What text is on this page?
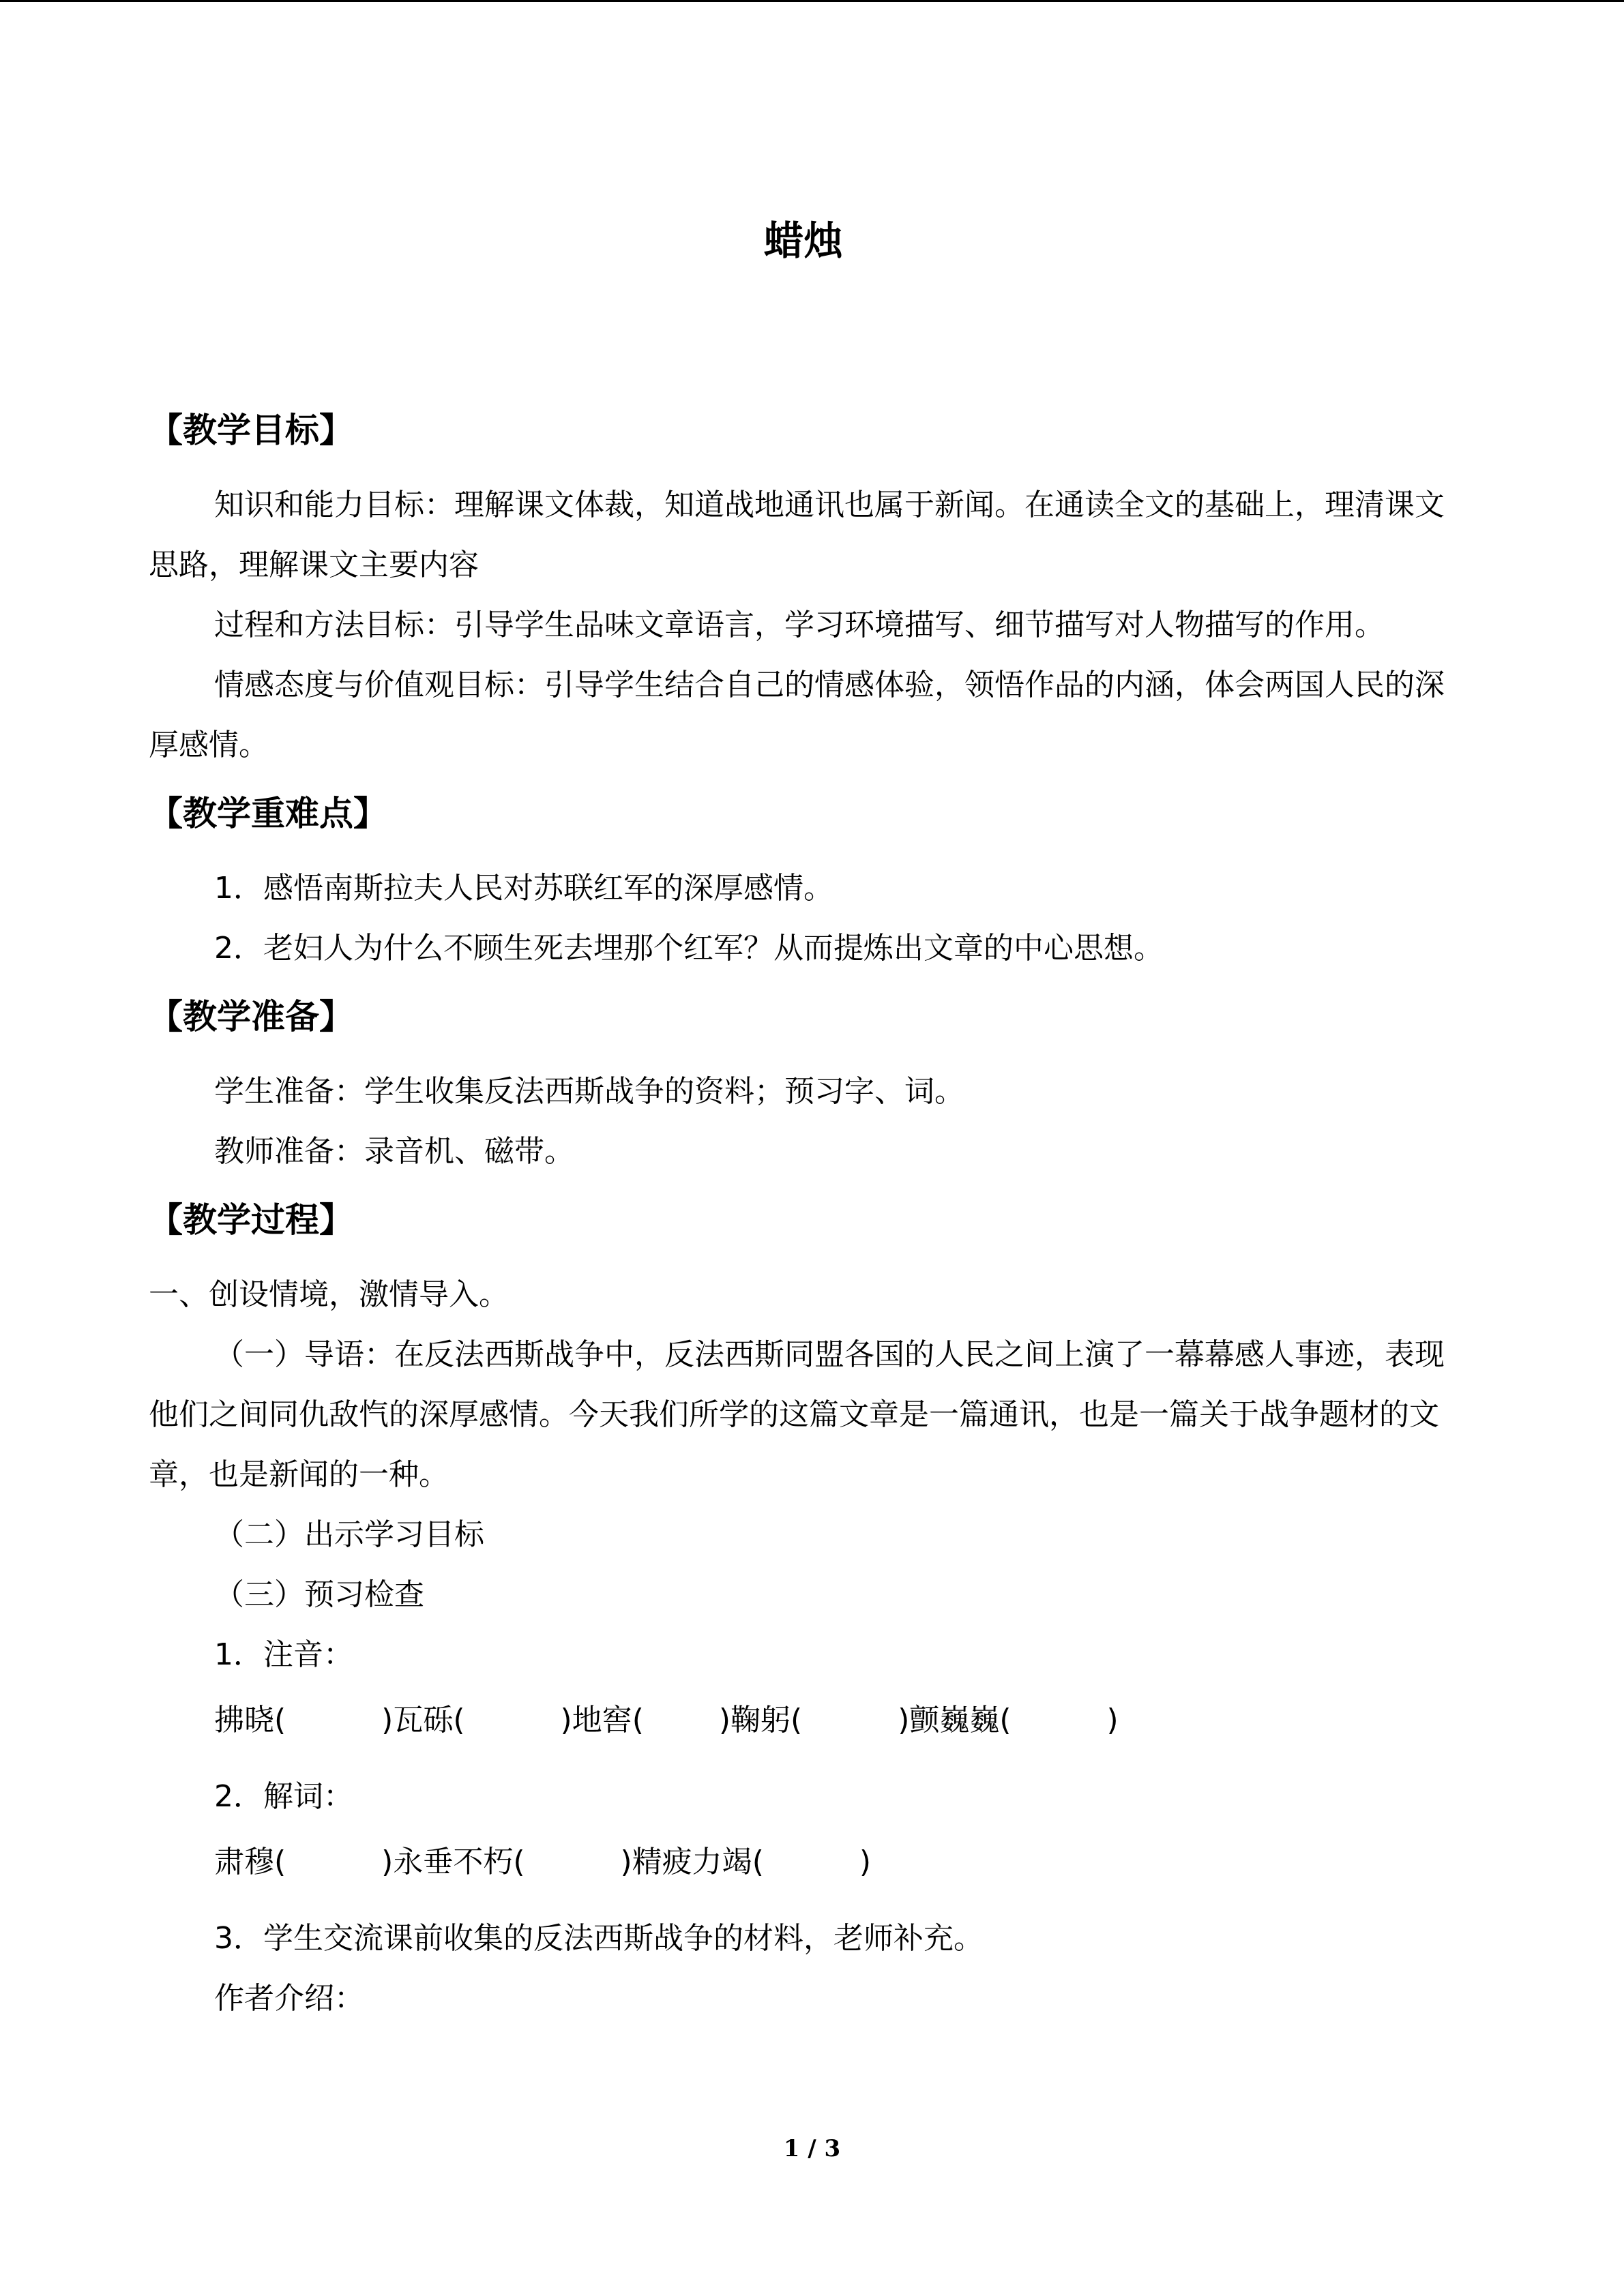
蜡烛
【教学目标】

知识和能力目标：理解课文体裁，知道战地通讯也属于新闻。在通读全文的基础上，理清课文思路，理解课文主要内容

过程和方法目标：引导学生品味文章语言，学习环境描写、细节描写对人物描写的作用。

情感态度与价值观目标：引导学生结合自己的情感体验，领悟作品的内涵，体会两国人民的深厚感情。

【教学重难点】

1．感悟南斯拉夫人民对苏联红军的深厚感情。

2．老妇人为什么不顾生死去埋那个红军？从而提炼出文章的中心思想。

【教学准备】

学生准备：学生收集反法西斯战争的资料；预习字、词。

教师准备：录音机、磁带。

【教学过程】

一、创设情境，激情导入。

（一）导语：在反法西斯战争中，反法西斯同盟各国的人民之间上演了一幕幕感人事迹，表现他们之间同仇敌忾的深厚感情。今天我们所学的这篇文章是一篇通讯，也是一篇关于战争题材的文章，也是新闻的一种。

（二）出示学习目标

（三）预习检查

1．注音：

拂晓(	)瓦砾(	)地窖(	)鞠躬(	)颤巍巍(	)

2．解词：

肃穆(	)永垂不朽(	)精疲力竭(	)

3．学生交流课前收集的反法西斯战争的材料，老师补充。

作者介绍：

1 / 3
